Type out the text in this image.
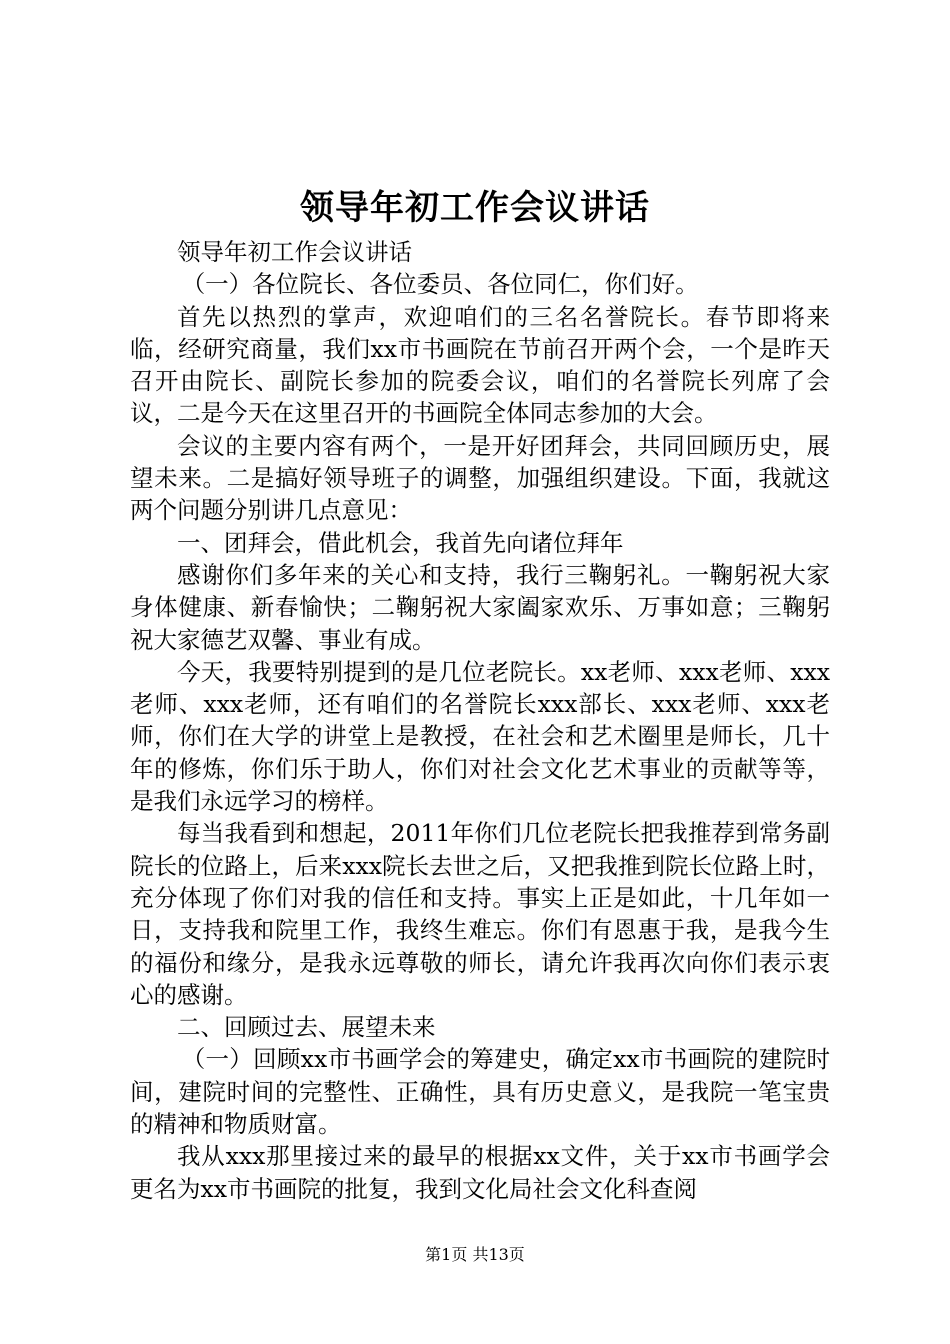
领导年初工作会议讲话

领导年初工作会议讲话

（一）各位院长、各位委员、各位同仁，你们好。

首先以热烈的掌声，欢迎咱们的三名名誉院长。春节即将来临，经研究商量，我们xx市书画院在节前召开两个会，一个是昨天召开由院长、副院长参加的院委会议，咱们的名誉院长列席了会议，二是今天在这里召开的书画院全体同志参加的大会。

会议的主要内容有两个，一是开好团拜会，共同回顾历史，展望未来。二是搞好领导班子的调整，加强组织建设。下面，我就这两个问题分别讲几点意见：

一、团拜会，借此机会，我首先向诸位拜年

感谢你们多年来的关心和支持，我行三鞠躬礼。一鞠躬祝大家身体健康、新春愉快；二鞠躬祝大家阖家欢乐、万事如意；三鞠躬祝大家德艺双馨、事业有成。

今天，我要特别提到的是几位老院长。xx老师、xxx老师、xxx老师、xxx老师，还有咱们的名誉院长xxx部长、xxx老师、xxx老师，你们在大学的讲堂上是教授，在社会和艺术圈里是师长，几十年的修炼，你们乐于助人，你们对社会文化艺术事业的贡献等等，是我们永远学习的榜样。

每当我看到和想起，2011年你们几位老院长把我推荐到常务副院长的位路上，后来xxx院长去世之后，又把我推到院长位路上时，充分体现了你们对我的信任和支持。事实上正是如此，十几年如一日，支持我和院里工作，我终生难忘。你们有恩惠于我，是我今生的福份和缘分，是我永远尊敬的师长，请允许我再次向你们表示衷心的感谢。

二、回顾过去、展望未来

（一）回顾xx市书画学会的筹建史，确定xx市书画院的建院时间，建院时间的完整性、正确性，具有历史意义，是我院一笔宝贵的精神和物质财富。

我从xxx那里接过来的最早的根据xx文件，关于xx市书画学会更名为xx市书画院的批复，我到文化局社会文化科查阅

第1页 共13页
